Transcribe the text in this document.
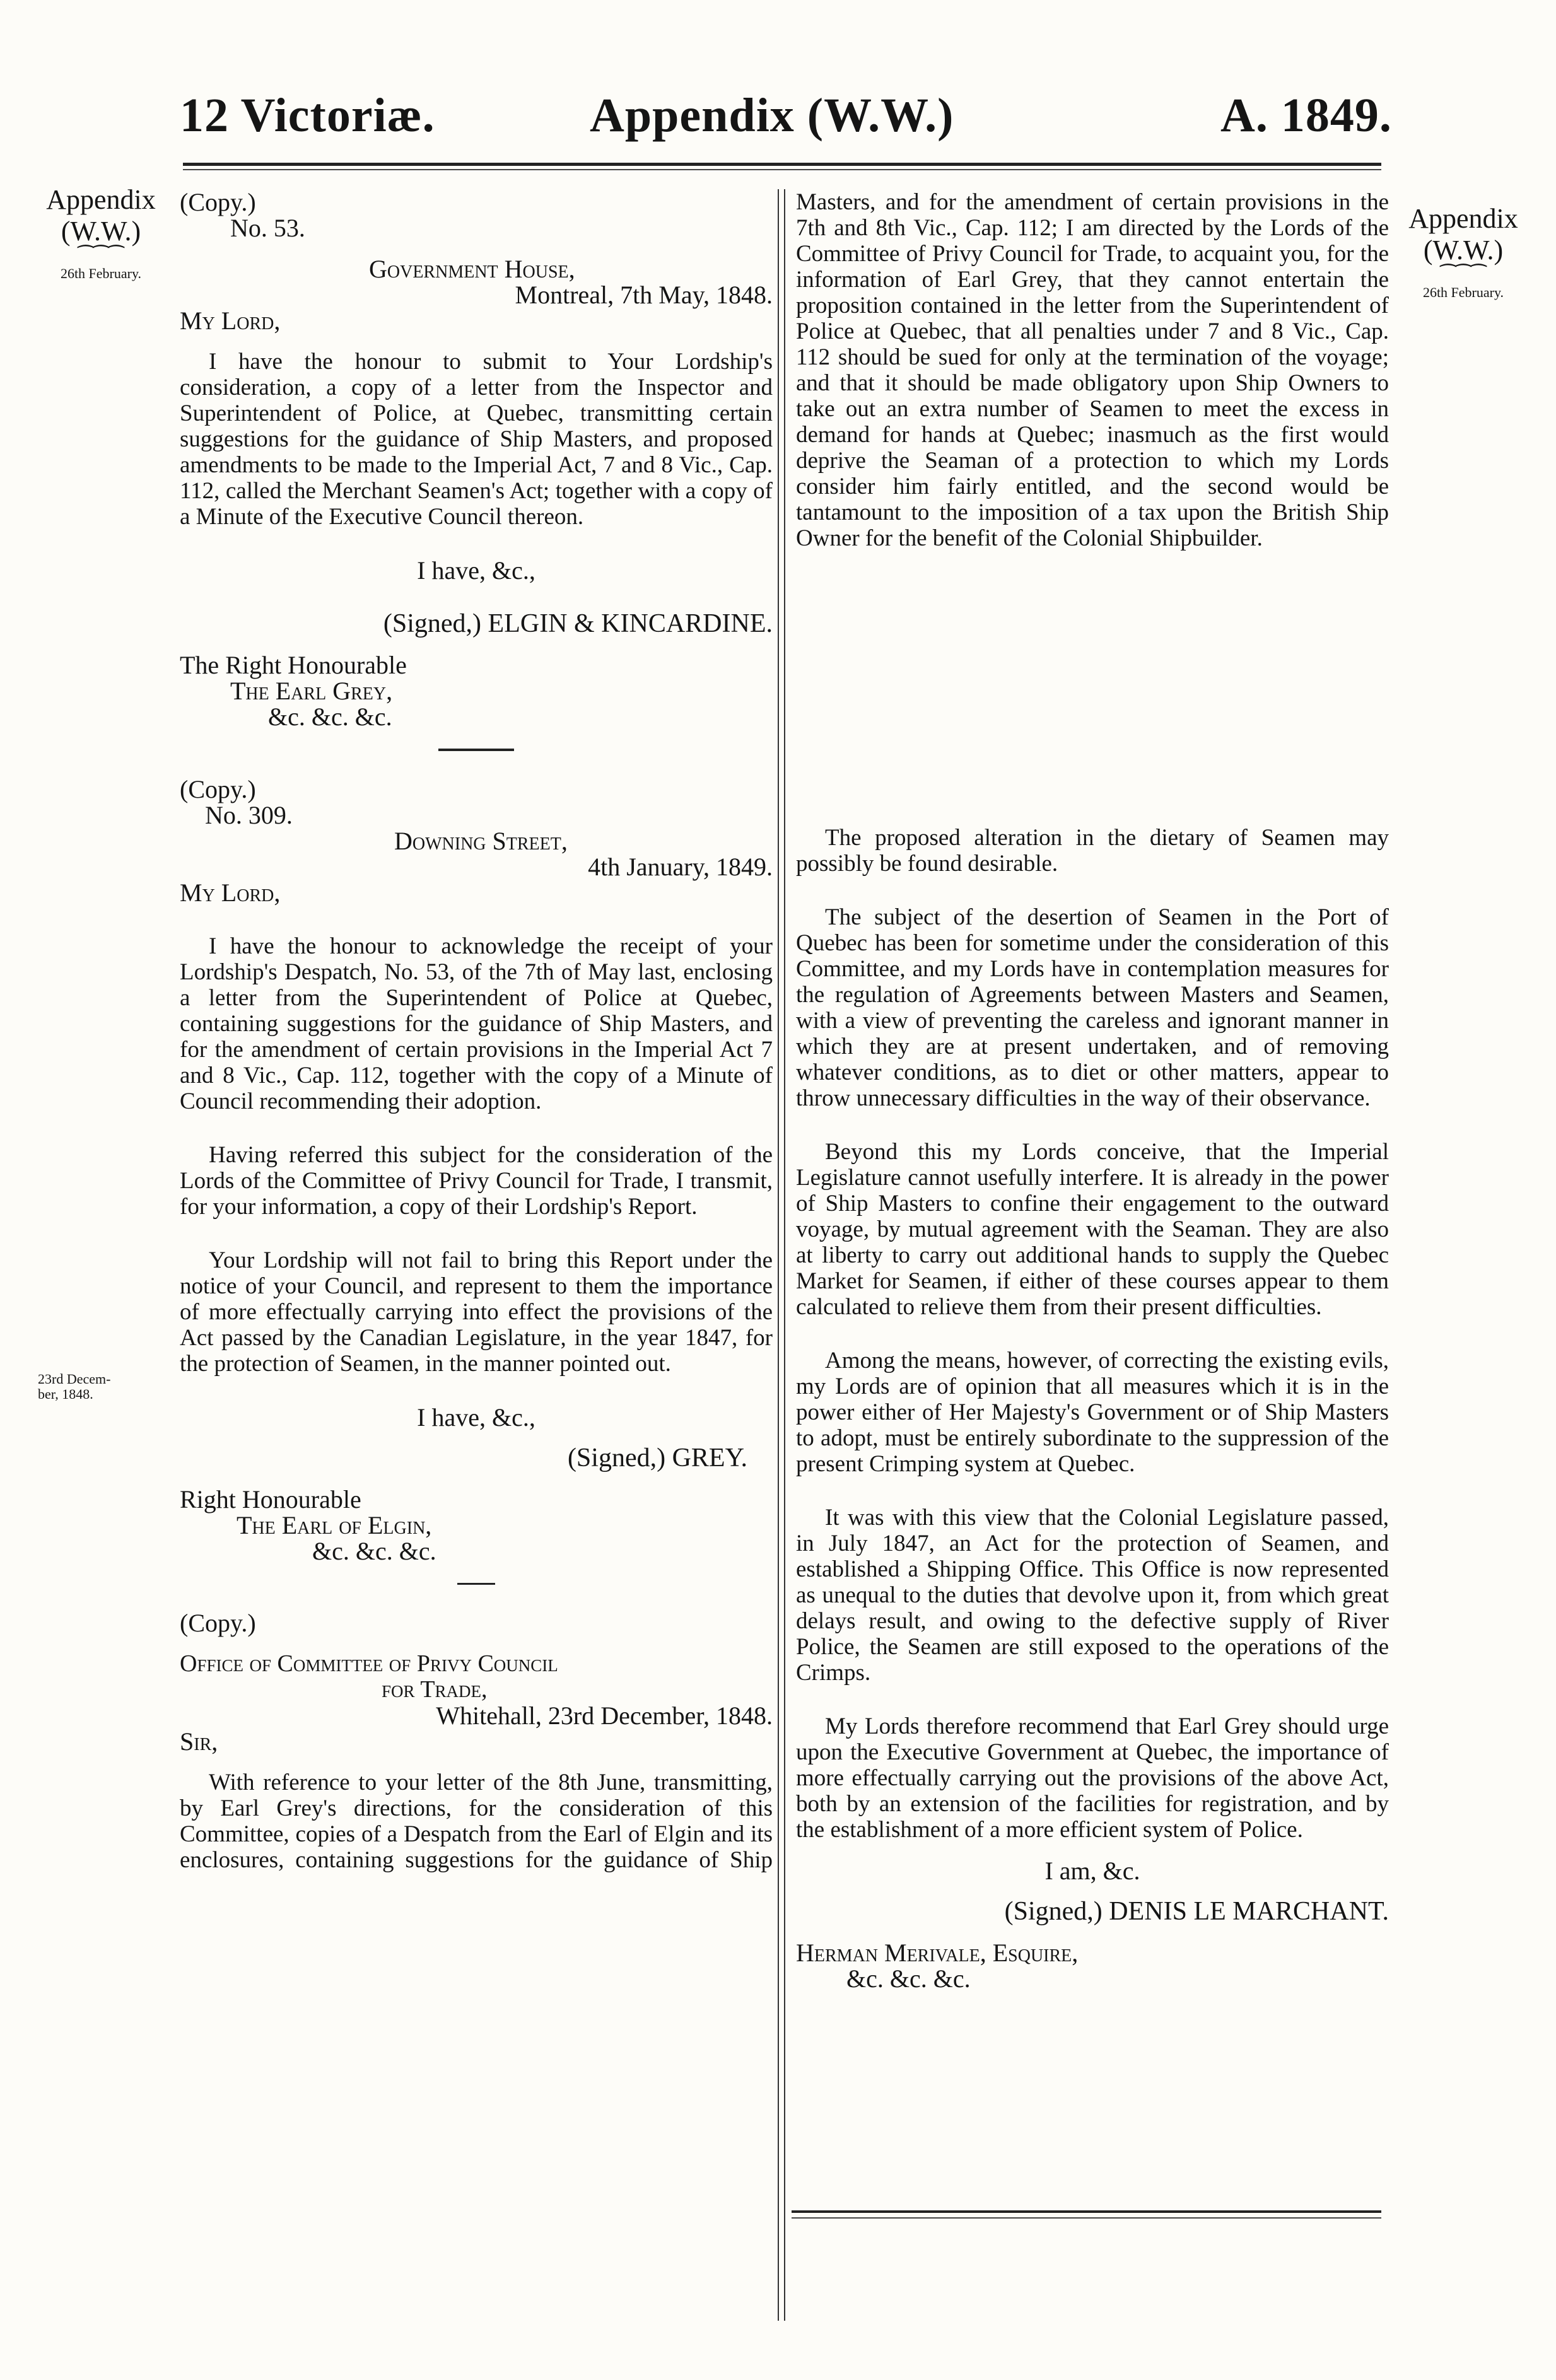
12 Victoriæ.	Appendix (W.W.)	A. 1849.
Appendix
(W.W.)
⁀⁀⁀
26th February.
23rd Decem-ber, 1848.
Appendix
(W.W.)
⁀⁀⁀
26th February.

(Copy.)

No. 53.

Government House,

Montreal, 7th May, 1848.

My Lord,

I have the honour to submit to Your Lordship's consideration, a copy of a letter from the Inspector and Superintendent of Police, at Quebec, transmitting certain suggestions for the guidance of Ship Masters, and proposed amendments to be made to the Imperial Act, 7 and 8 Vic., Cap. 112, called the Merchant Seamen's Act; together with a copy of a Minute of the Executive Council thereon.

I have, &c.,

(Signed,) ELGIN & KINCARDINE.

The Right Honourable

The Earl Grey,

&c. &c. &c.

(Copy.)

No. 309.

Downing Street,

4th January, 1849.

My Lord,

I have the honour to acknowledge the receipt of your Lordship's Despatch, No. 53, of the 7th of May last, enclosing a letter from the Superintendent of Police at Quebec, containing suggestions for the guidance of Ship Masters, and for the amendment of certain provisions in the Imperial Act 7 and 8 Vic., Cap. 112, together with the copy of a Minute of Council recommending their adoption.

Having referred this subject for the consideration of the Lords of the Committee of Privy Council for Trade, I transmit, for your information, a copy of their Lordship's Report.

Your Lordship will not fail to bring this Report under the notice of your Council, and represent to them the importance of more effectually carrying into effect the provisions of the Act passed by the Canadian Legislature, in the year 1847, for the protection of Seamen, in the manner pointed out.

I have, &c.,

(Signed,) GREY.

Right Honourable

The Earl of Elgin,

&c. &c. &c.

(Copy.)

Office of Committee of Privy Council

for Trade,

Whitehall, 23rd December, 1848.

Sir,

With reference to your letter of the 8th June, transmitting, by Earl Grey's directions, for the consideration of this Committee, copies of a Despatch from the Earl of Elgin and its enclosures, containing suggestions for the guidance of Ship

Masters, and for the amendment of certain provisions in the 7th and 8th Vic., Cap. 112; I am directed by the Lords of the Committee of Privy Council for Trade, to acquaint you, for the information of Earl Grey, that they cannot entertain the proposition contained in the letter from the Superintendent of Police at Quebec, that all penalties under 7 and 8 Vic., Cap. 112 should be sued for only at the termination of the voyage; and that it should be made obligatory upon Ship Owners to take out an extra number of Seamen to meet the excess in demand for hands at Quebec; inasmuch as the first would deprive the Seaman of a protection to which my Lords consider him fairly entitled, and the second would be tantamount to the imposition of a tax upon the British Ship Owner for the benefit of the Colonial Shipbuilder.

The proposed alteration in the dietary of Seamen may possibly be found desirable.

The subject of the desertion of Seamen in the Port of Quebec has been for sometime under the consideration of this Committee, and my Lords have in contemplation measures for the regulation of Agreements between Masters and Seamen, with a view of preventing the careless and ignorant manner in which they are at present undertaken, and of removing whatever conditions, as to diet or other matters, appear to throw unnecessary difficulties in the way of their observance.

Beyond this my Lords conceive, that the Imperial Legislature cannot usefully interfere. It is already in the power of Ship Masters to confine their engagement to the outward voyage, by mutual agreement with the Seaman. They are also at liberty to carry out additional hands to supply the Quebec Market for Seamen, if either of these courses appear to them calculated to relieve them from their present difficulties.

Among the means, however, of correcting the existing evils, my Lords are of opinion that all measures which it is in the power either of Her Majesty's Government or of Ship Masters to adopt, must be entirely subordinate to the suppression of the present Crimping system at Quebec.

It was with this view that the Colonial Legislature passed, in July 1847, an Act for the protection of Seamen, and established a Shipping Office. This Office is now represented as unequal to the duties that devolve upon it, from which great delays result, and owing to the defective supply of River Police, the Seamen are still exposed to the operations of the Crimps.

My Lords therefore recommend that Earl Grey should urge upon the Executive Government at Quebec, the importance of more effectually carrying out the provisions of the above Act, both by an extension of the facilities for registration, and by the establishment of a more efficient system of Police.

I am, &c.

(Signed,) DENIS LE MARCHANT.

Herman Merivale, Esquire,

&c. &c. &c.
